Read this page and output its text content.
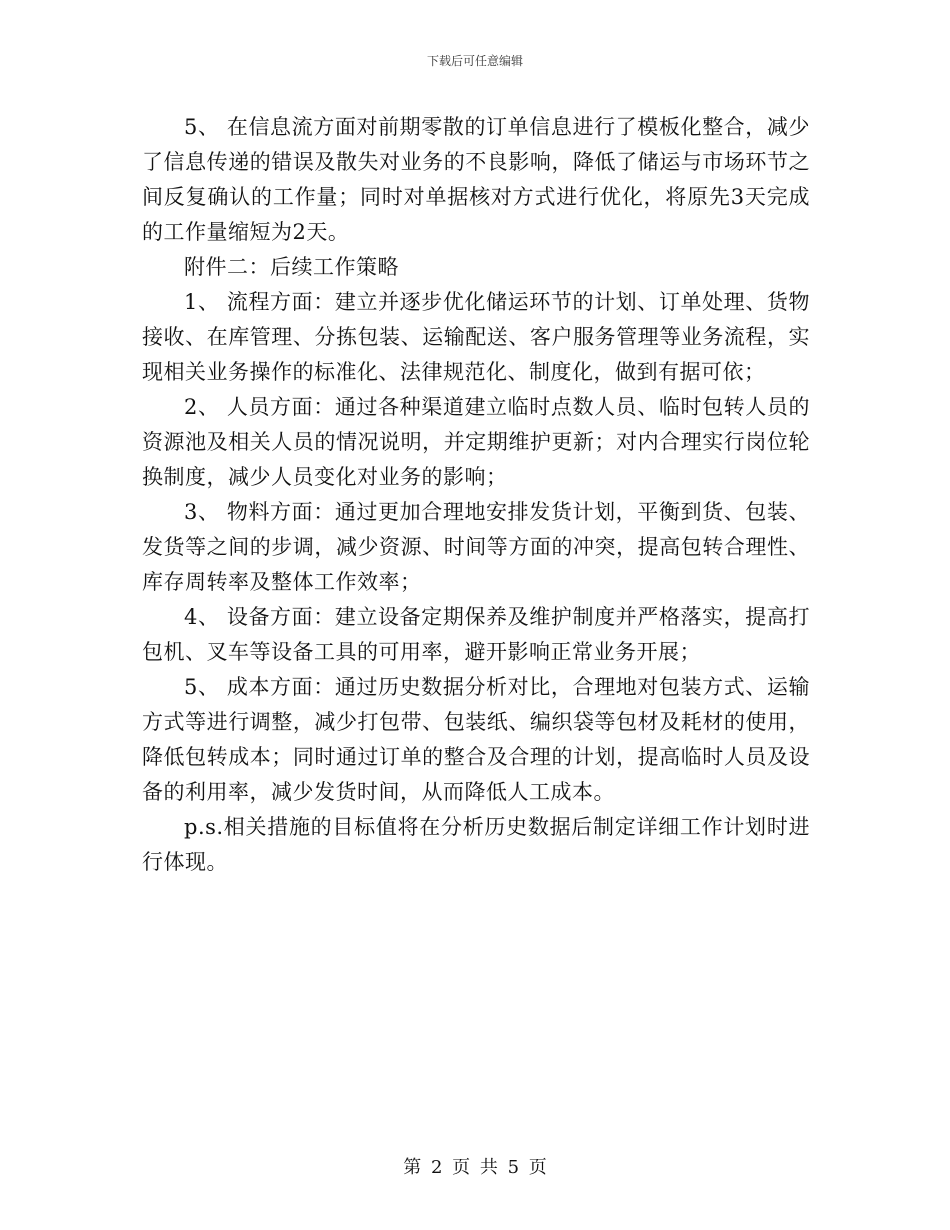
下载后可任意编辑

5、 在信息流方面对前期零散的订单信息进行了模板化整合，减少了信息传递的错误及散失对业务的不良影响，降低了储运与市场环节之间反复确认的工作量；同时对单据核对方式进行优化，将原先3天完成的工作量缩短为2天。

附件二：后续工作策略

1、 流程方面：建立并逐步优化储运环节的计划、订单处理、货物接收、在库管理、分拣包装、运输配送、客户服务管理等业务流程，实现相关业务操作的标准化、法律规范化、制度化，做到有据可依；

2、 人员方面：通过各种渠道建立临时点数人员、临时包转人员的资源池及相关人员的情况说明，并定期维护更新；对内合理实行岗位轮换制度，减少人员变化对业务的影响；

3、 物料方面：通过更加合理地安排发货计划，平衡到货、包装、发货等之间的步调，减少资源、时间等方面的冲突，提高包转合理性、库存周转率及整体工作效率；

4、 设备方面：建立设备定期保养及维护制度并严格落实，提高打包机、叉车等设备工具的可用率，避开影响正常业务开展；

5、 成本方面：通过历史数据分析对比，合理地对包装方式、运输方式等进行调整，减少打包带、包装纸、编织袋等包材及耗材的使用，降低包转成本；同时通过订单的整合及合理的计划，提高临时人员及设备的利用率，减少发货时间，从而降低人工成本。

p.s.相关措施的目标值将在分析历史数据后制定详细工作计划时进行体现。

第 2 页 共 5 页
